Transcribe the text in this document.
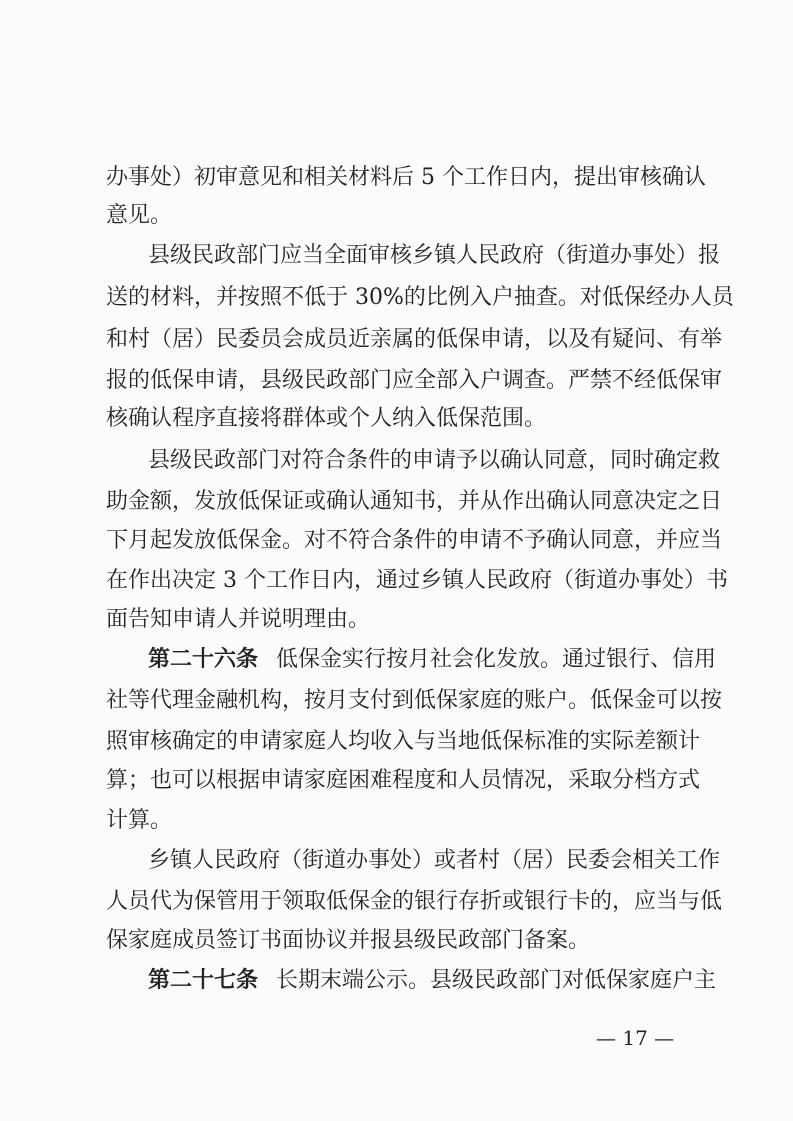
办事处）初审意见和相关材料后 5 个工作日内，提出审核确认
意见。
县级民政部门应当全面审核乡镇人民政府（街道办事处）报
送的材料，并按照不低于 30%的比例入户抽查。对低保经办人员
和村（居）民委员会成员近亲属的低保申请，以及有疑问、有举
报的低保申请，县级民政部门应全部入户调查。严禁不经低保审
核确认程序直接将群体或个人纳入低保范围。
县级民政部门对符合条件的申请予以确认同意，同时确定救
助金额，发放低保证或确认通知书，并从作出确认同意决定之日
下月起发放低保金。对不符合条件的申请不予确认同意，并应当
在作出决定 3 个工作日内，通过乡镇人民政府（街道办事处）书
面告知申请人并说明理由。
第二十六条 低保金实行按月社会化发放。通过银行、信用
社等代理金融机构，按月支付到低保家庭的账户。低保金可以按
照审核确定的申请家庭人均收入与当地低保标准的实际差额计
算；也可以根据申请家庭困难程度和人员情况，采取分档方式
计算。
乡镇人民政府（街道办事处）或者村（居）民委会相关工作
人员代为保管用于领取低保金的银行存折或银行卡的，应当与低
保家庭成员签订书面协议并报县级民政部门备案。
第二十七条 长期末端公示。县级民政部门对低保家庭户主
— 17 —
